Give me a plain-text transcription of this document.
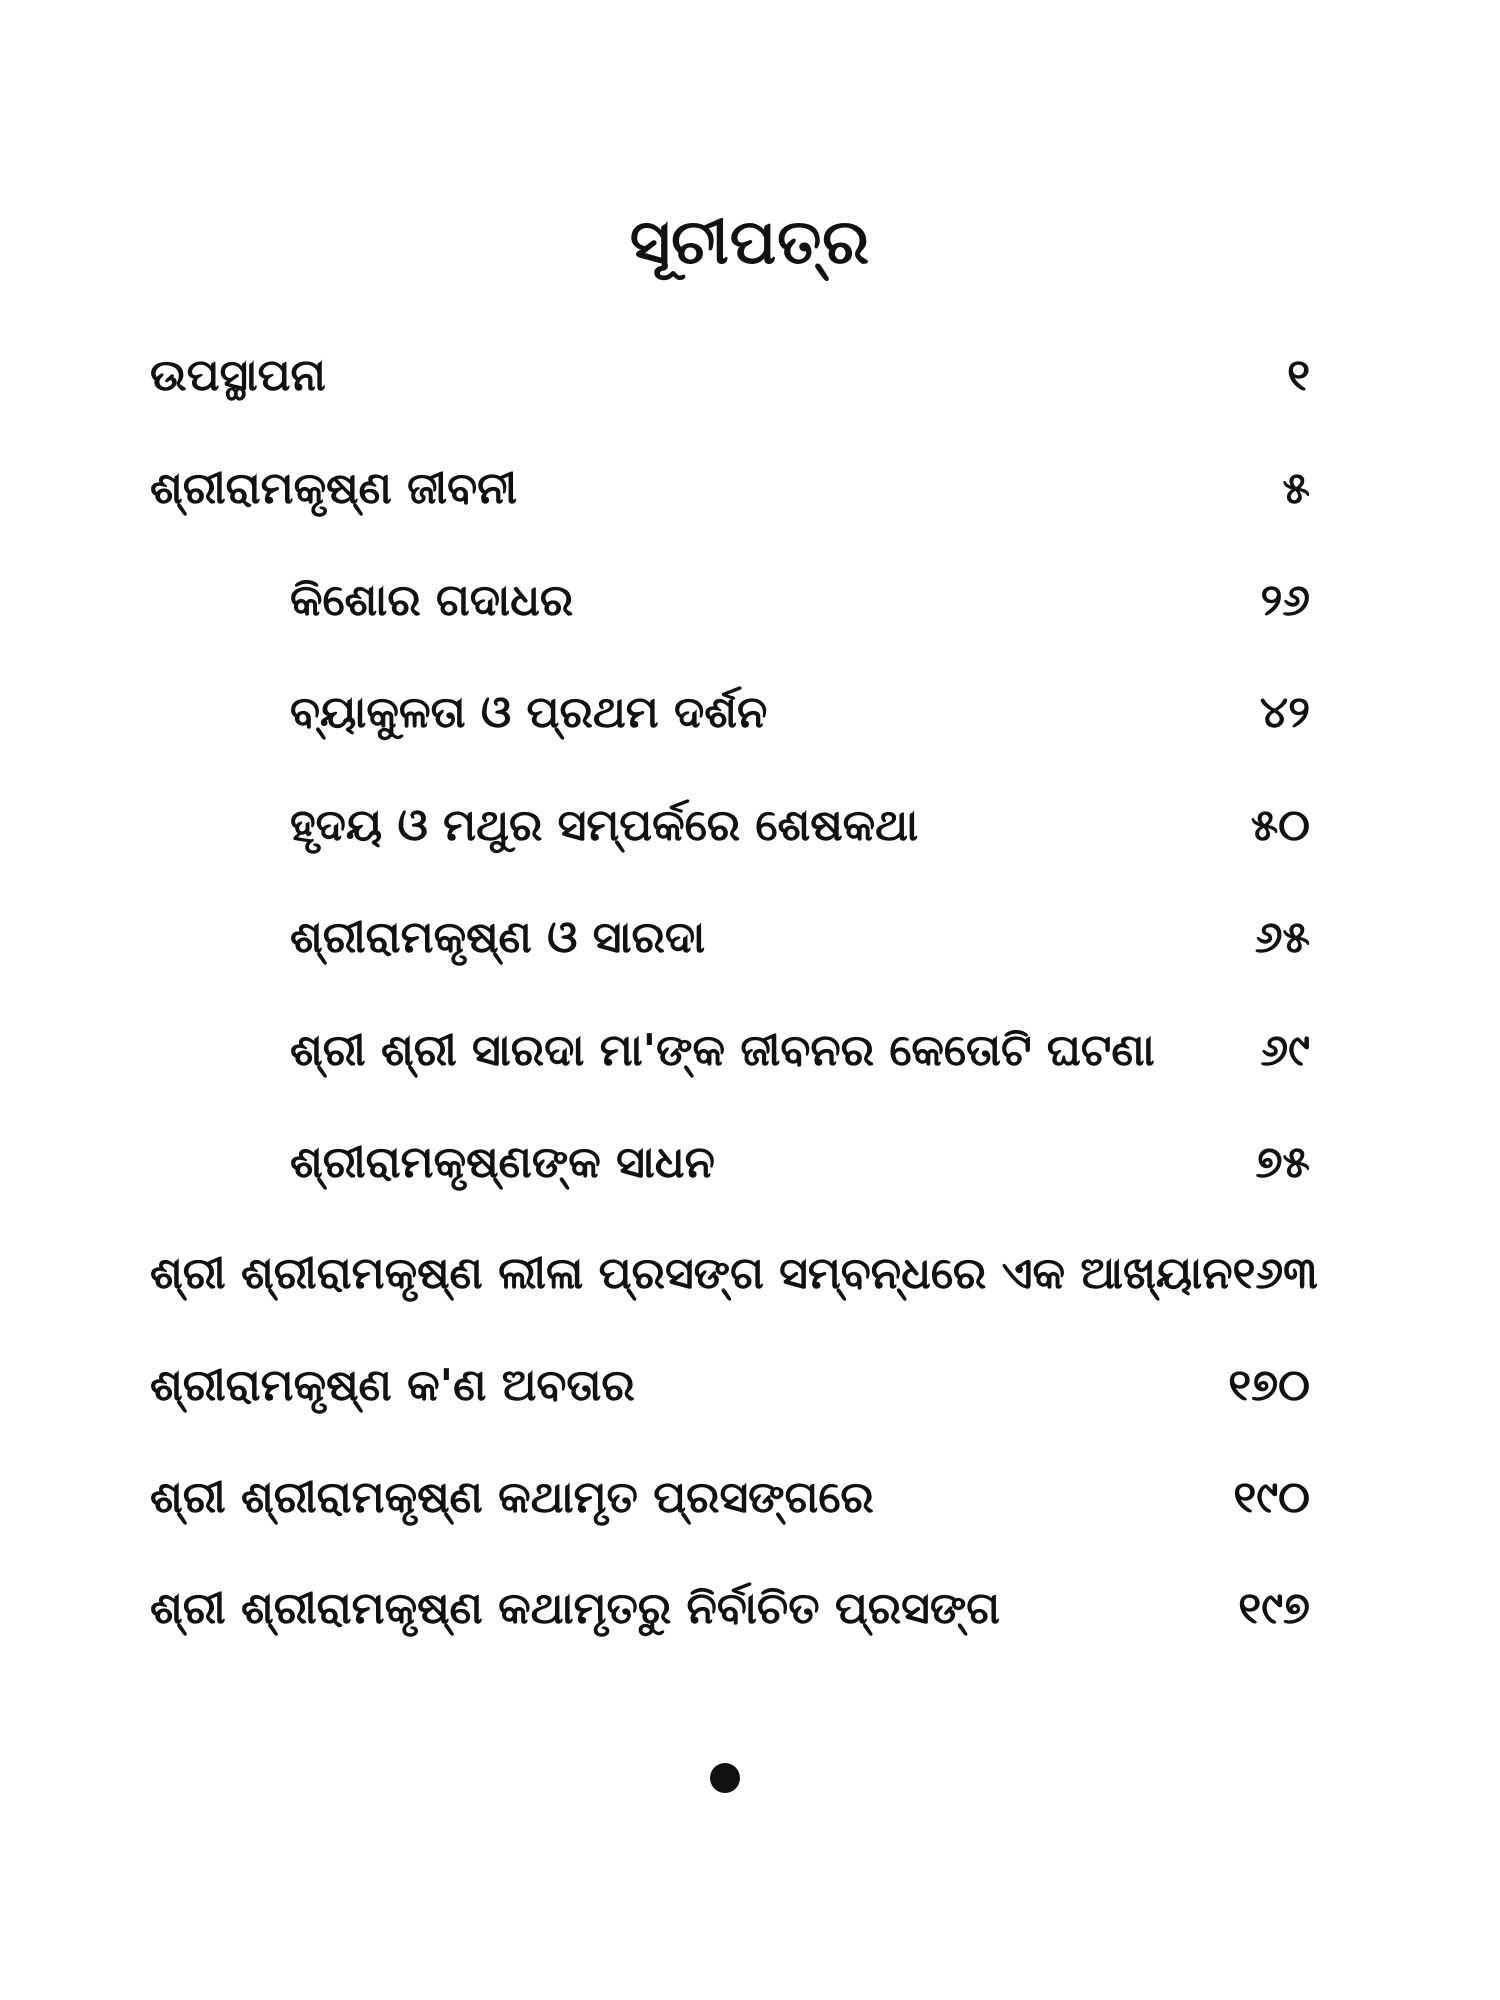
ସୂଚୀପତ୍ର
ଉପସ୍ଥାପନା	୧
ଶ୍ରୀରାମକୃଷ୍ଣ ଜୀବନୀ	୫
କିଶୋର ଗଦାଧର	୨୬
ବ୍ୟାକୁଳତା ଓ ପ୍ରଥମ ଦର୍ଶନ	୪୨
ହୃଦୟ ଓ ମଥୁର ସମ୍ପର୍କରେ ଶେଷକଥା	୫୦
ଶ୍ରୀରାମକୃଷ୍ଣ ଓ ସାରଦା	୬୫
ଶ୍ରୀ ଶ୍ରୀ ସାରଦା ମା'ଙ୍କ ଜୀବନର କେତୋଟି ଘଟଣା ୬୯
ଶ୍ରୀରାମକୃଷ୍ଣଙ୍କ ସାଧନ	୭୫
ଶ୍ରୀ ଶ୍ରୀରାମକୃଷ୍ଣ ଲୀଳା ପ୍ରସଙ୍ଗ ସମ୍ବନ୍ଧରେ ଏକ ଆଖ୍ୟାନ ୧୬୩
ଶ୍ରୀରାମକୃଷ୍ଣ କ'ଣ ଅବତାର	୧୭୦
ଶ୍ରୀ ଶ୍ରୀରାମକୃଷ୍ଣ କଥାମୃତ ପ୍ରସଙ୍ଗରେ	୧୯୦
ଶ୍ରୀ ଶ୍ରୀରାମକୃଷ୍ଣ କଥାମୃତରୁ ନିର୍ବାଚିତ ପ୍ରସଙ୍ଗ	୧୯୭
